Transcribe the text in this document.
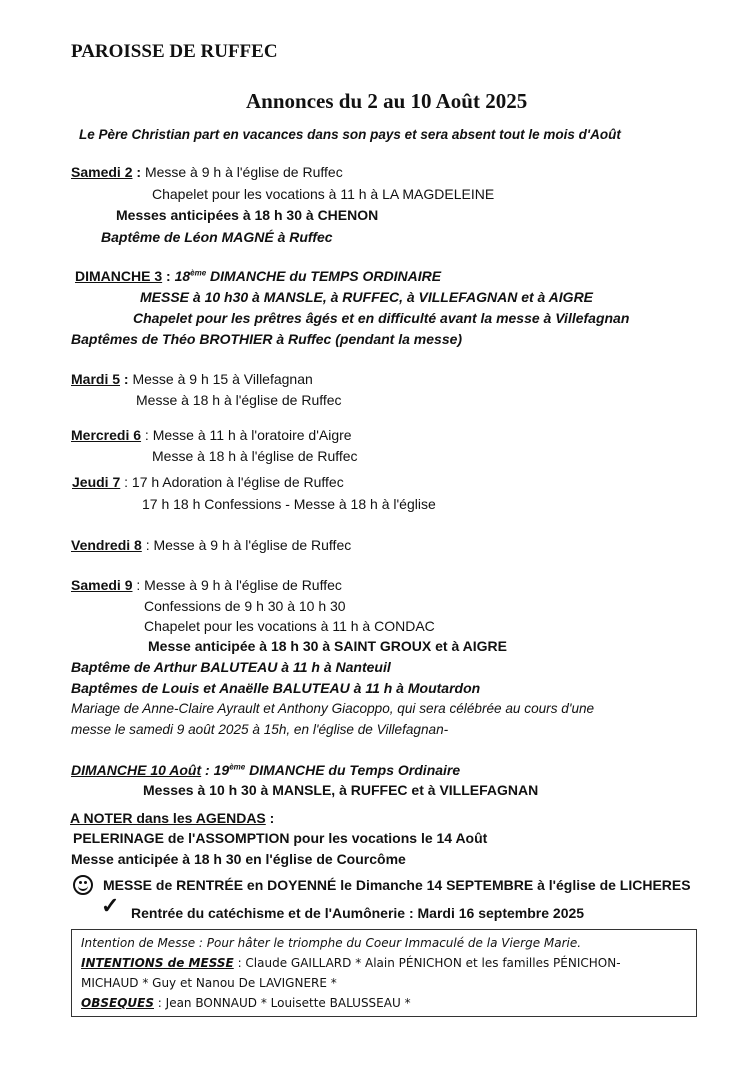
PAROISSE DE RUFFEC
Annonces du 2 au 10 Août 2025
Le Père Christian part en vacances dans son pays et sera absent tout le mois d'Août
Samedi 2 : Messe à 9 h à l'église de Ruffec
Chapelet pour les vocations à 11 h à LA MAGDELEINE
Messes anticipées à 18 h 30 à CHENON
Baptême de Léon MAGNÉ à Ruffec
DIMANCHE 3 : 18ème DIMANCHE du TEMPS ORDINAIRE
MESSE à 10 h30 à MANSLE, à RUFFEC, à VILLEFAGNAN et à AIGRE
Chapelet pour les prêtres âgés et en difficulté avant la messe à Villefagnan
Baptêmes de Théo BROTHIER à Ruffec (pendant la messe)
Mardi 5 : Messe à 9 h 15 à Villefagnan
Messe à 18 h à l'église de Ruffec
Mercredi 6 : Messe à 11 h à l'oratoire d'Aigre
Messe à 18 h à l'église de Ruffec
Jeudi 7 : 17 h Adoration à l'église de Ruffec
17 h 18 h Confessions - Messe à 18 h à l'église
Vendredi 8 : Messe à 9 h à l'église de Ruffec
Samedi 9 : Messe à 9 h à l'église de Ruffec
Confessions de 9 h 30 à 10 h 30
Chapelet pour les vocations à 11 h à CONDAC
Messe anticipée à 18 h 30 à SAINT GROUX et à AIGRE
Baptême de Arthur BALUTEAU à 11 h à Nanteuil
Baptêmes de Louis et Anaëlle BALUTEAU à 11 h à Moutardon
Mariage de Anne-Claire Ayrault et Anthony Giacoppo, qui sera célébrée au cours d'une
messe le samedi 9 août 2025 à 15h, en l'église de Villefagnan-
DIMANCHE 10 Août : 19ème DIMANCHE du Temps Ordinaire
Messes à 10 h 30 à MANSLE, à RUFFEC et à VILLEFAGNAN
A NOTER dans les AGENDAS :
PELERINAGE de l'ASSOMPTION pour les vocations le 14 Août
Messe anticipée à 18 h 30 en l'église de Courcôme
MESSE de RENTRÉE en DOYENNÉ le Dimanche 14 SEPTEMBRE à l'église de LICHERES
✓ Rentrée du catéchisme et de l'Aumônerie : Mardi 16 septembre 2025
Intention de Messe : Pour hâter le triomphe du Coeur Immaculé de la Vierge Marie.
INTENTIONS de MESSE : Claude GAILLARD * Alain PÉNICHON et les familles PÉNICHON-
MICHAUD * Guy et Nanou De LAVIGNERE *
OBSEQUES : Jean BONNAUD * Louisette BALUSSEAU *
